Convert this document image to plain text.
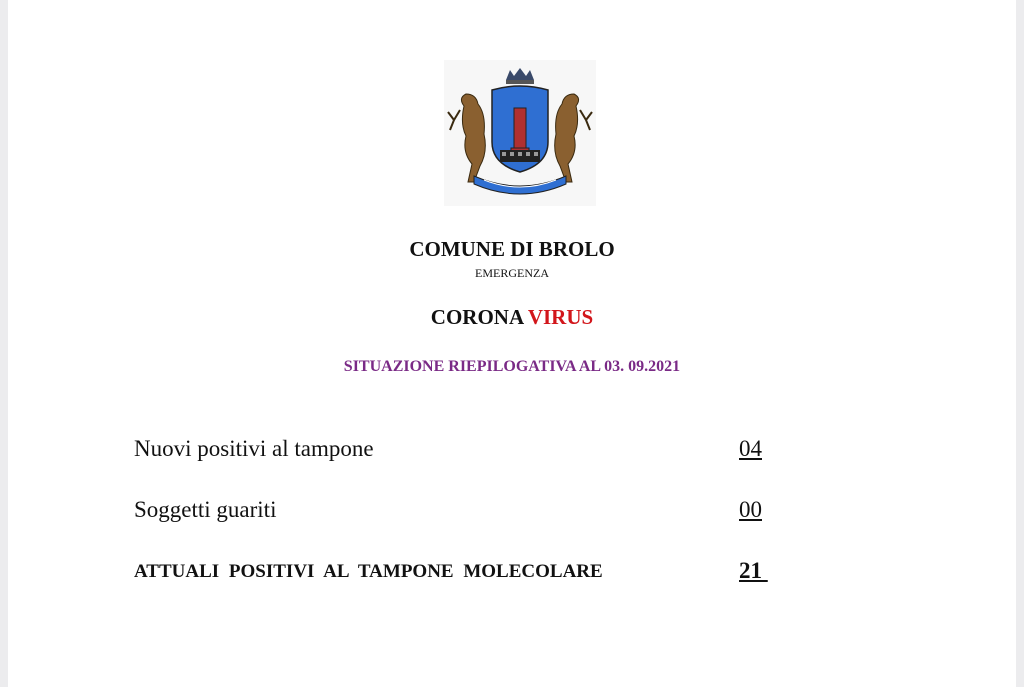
COMUNE DI BROLO
EMERGENZA
CORONA VIRUS
SITUAZIONE RIEPILOGATIVA AL 03. 09.2021
Nuovi positivi al tampone	04
Soggetti guariti	00
ATTUALI POSITIVI AL TAMPONE MOLECOLARE	21
